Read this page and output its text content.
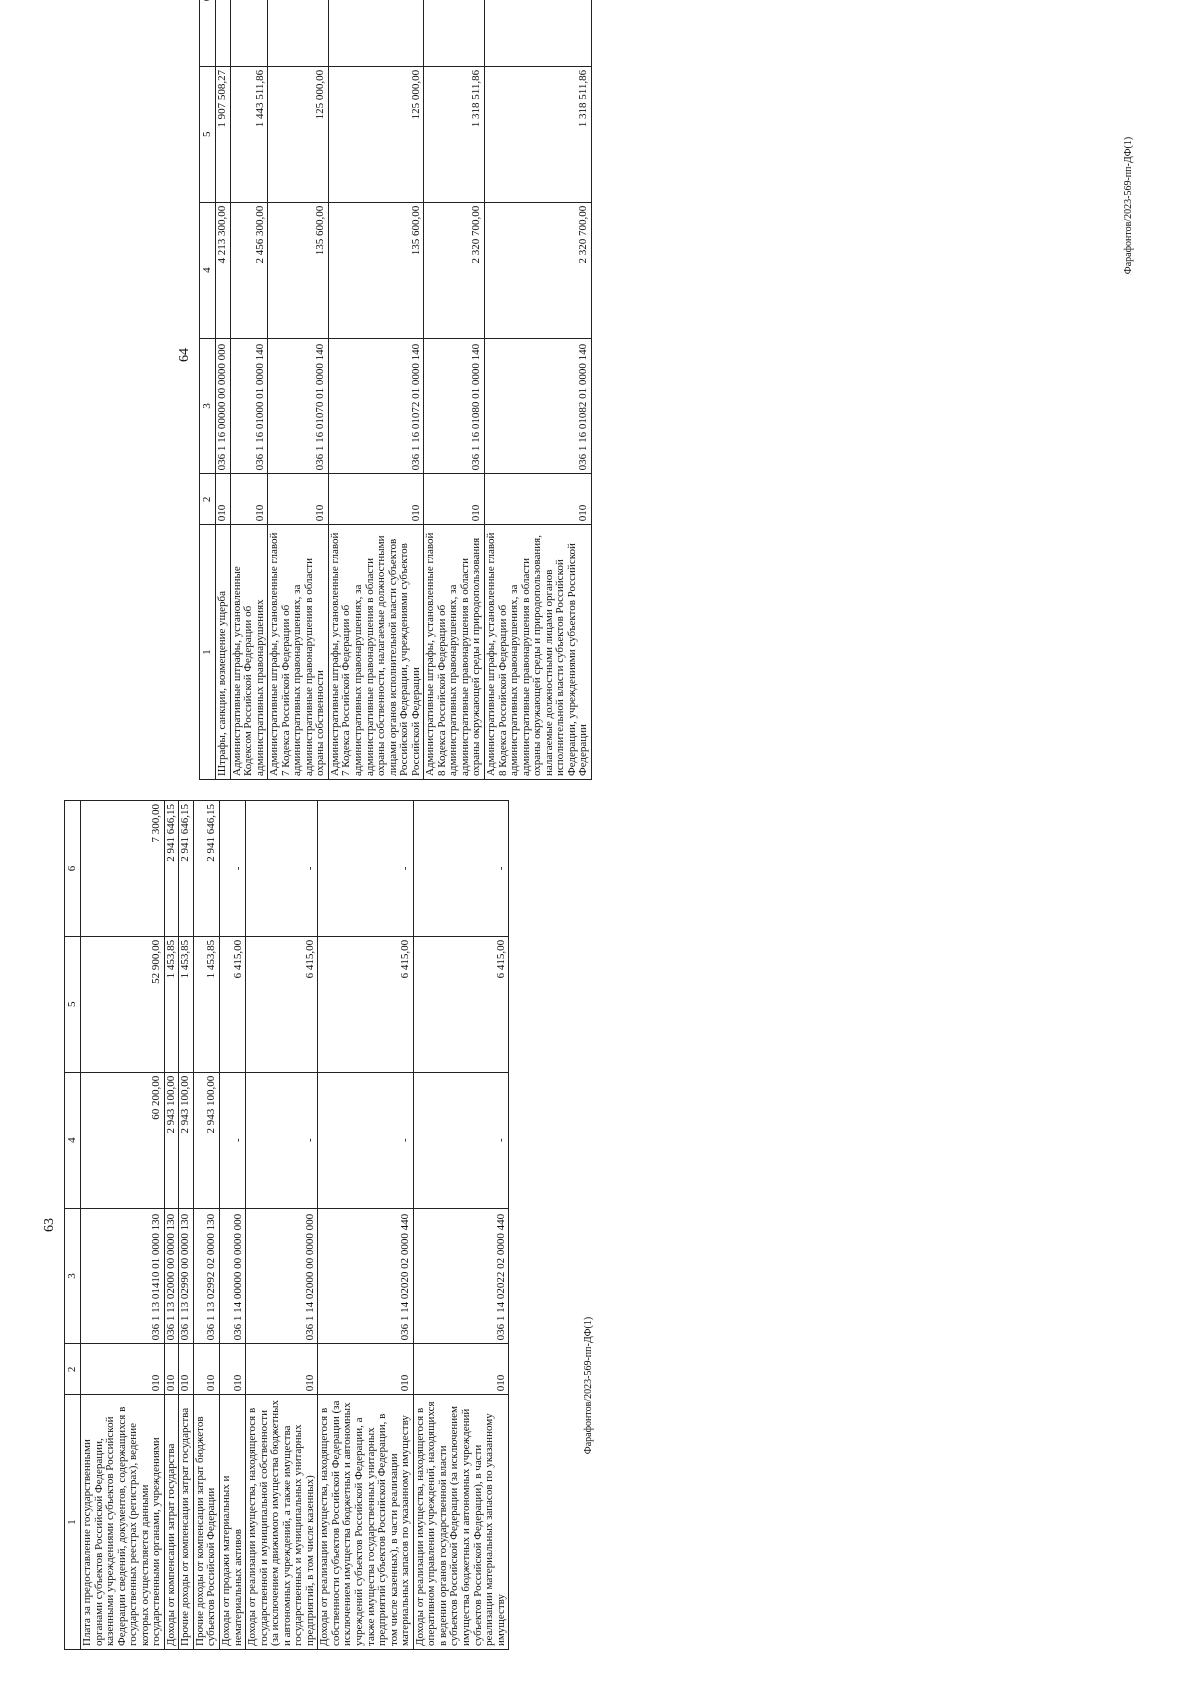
63
1	2	3	4	5	6
Плата за предоставление государственными органами субъектов Российской Федерации, казенными учреждениями субъектов Российской Федерации сведений, документов, содержащихся в государственных реестрах (регистрах), ведение которых осуществляется данными государственными органами, учреждениями	010	036 1 13 01410 01 0000 130	60 200,00	52 900,00	7 300,00
Доходы от компенсации затрат государства	010	036 1 13 02000 00 0000 130	2 943 100,00	1 453,85	2 941 646,15
Прочие доходы от компенсации затрат государства	010	036 1 13 02990 00 0000 130	2 943 100,00	1 453,85	2 941 646,15
Прочие доходы от компенсации затрат бюджетов субъектов Российской Федерации	010	036 1 13 02992 02 0000 130	2 943 100,00	1 453,85	2 941 646,15
Доходы от продажи материальных и нематериальных активов	010	036 1 14 00000 00 0000 000	-	6 415,00	-
Доходы от реализации имущества, находящегося в государственной и муниципальной собственности (за исключением движимого имущества бюджетных и автономных учреждений, а также имущества государственных и муниципальных унитарных предприятий, в том числе казенных)	010	036 1 14 02000 00 0000 000	-	6 415,00	-
Доходы от реализации имущества, находящегося в собственности субъектов Российской Федерации (за исключением имущества бюджетных и автономных учреждений субъектов Российской Федерации, а также имущества государственных унитарных предприятий субъектов Российской Федерации, в том числе казенных), в части реализации материальных запасов по указанному имуществу	010	036 1 14 02020 02 0000 440	-	6 415,00	-
Доходы от реализации имущества, находящегося в оперативном управлении учреждений, находящихся в ведении органов государственной власти субъектов Российской Федерации (за исключением имущества бюджетных и автономных учреждений субъектов Российской Федерации), в части реализации материальных запасов по указанному имуществу	010	036 1 14 02022 02 0000 440	-	6 415,00	-
64
1	2	3	4	5	
Штрафы, санкции, возмещение ущерба	010	036 1 16 00000 00 0000 000	4 213 300,00	1 907 508,27	
Административные штрафы, установленные Кодексом Российской Федерации об административных правонарушениях	010	036 1 16 01000 01 0000 140	2 456 300,00	1 443 511,86	
Административные штрафы, установленные главой 7 Кодекса Российской Федерации об административных правонарушениях, за административные правонарушения в области охраны собственности	010	036 1 16 01070 01 0000 140	135 600,00	125 000,00	
Административные штрафы, установленные главой 7 Кодекса Российской Федерации об административных правонарушениях, за административные правонарушения в области охраны собственности, налагаемые должностными лицами органов исполнительной власти субъектов Российской Федерации, учреждениями субъектов Российской Федерации	010	036 1 16 01072 01 0000 140	135 600,00	125 000,00	
Административные штрафы, установленные главой 8 Кодекса Российской Федерации об административных правонарушениях, за административные правонарушения в области охраны окружающей среды и природопользования	010	036 1 16 01080 01 0000 140	2 320 700,00	1 318 511,86	
Административные штрафы, установленные главой 8 Кодекса Российской Федерации об административных правонарушениях, за административные правонарушения в области охраны окружающей среды и природопользования, налагаемые должностными лицами органов исполнительной власти субъектов Российской Федерации, учреждениями субъектов Российской Федерации	010	036 1 16 01082 01 0000 140	2 320 700,00	1 318 511,86	
Фарафонтов/2023-569-пп-ДФ(1)
Фарафонтов/2023-569-пп-ДФ(1)
